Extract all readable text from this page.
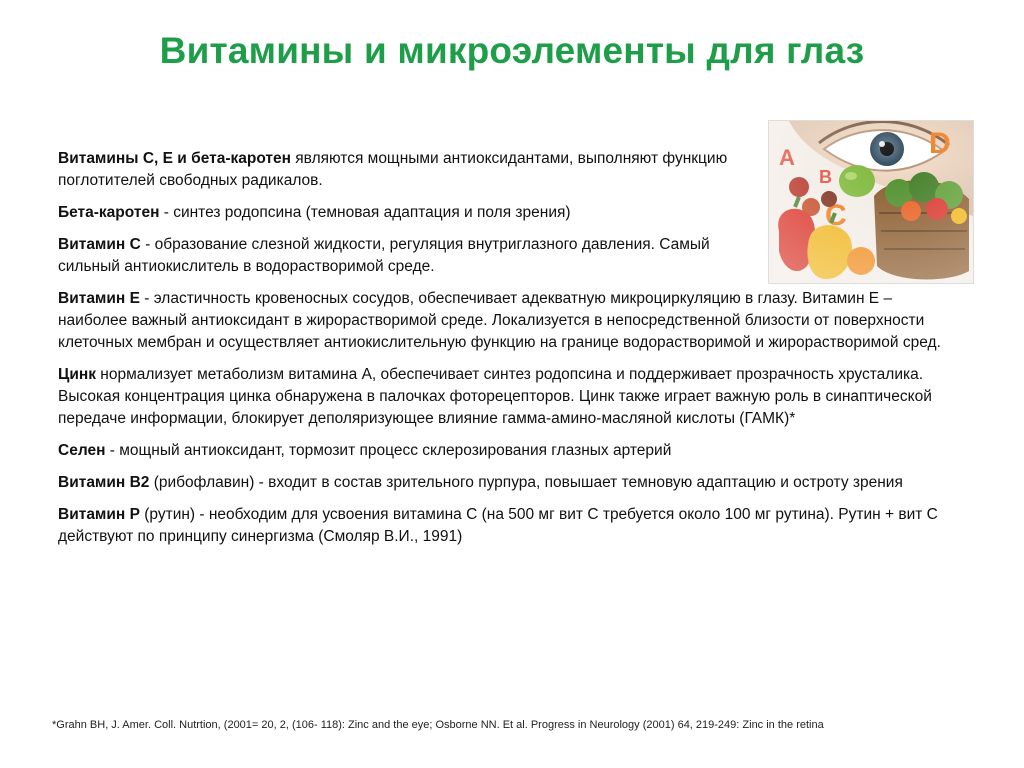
Витамины и микроэлементы для глаз

Витамины С, Е и бета-каротен являются мощными антиоксидантами, выполняют функцию поглотителей свободных радикалов.

Бета-каротен - синтез родопсина (темновая адаптация и поля зрения)

Витамин С - образование слезной жидкости, регуляция внутриглазного давления. Самый сильный антиокислитель в водорастворимой среде.

Витамин Е - эластичность кровеносных сосудов, обеспечивает адекватную микроциркуляцию в глазу. Витамин Е – наиболее важный антиоксидант в жирорастворимой среде. Локализуется в непосредственной близости от поверхности клеточных мембран и осуществляет антиокислительную функцию на границе водорастворимой и жирорастворимой сред.

Цинк нормализует метаболизм витамина А, обеспечивает синтез родопсина и поддерживает прозрачность хрусталика. Высокая концентрация цинка обнаружена в палочках фоторецепторов. Цинк также играет важную роль в синаптической передаче информации, блокирует деполяризующее влияние гамма-амино-масляной кислоты (ГАМК)*

Селен - мощный антиоксидант, тормозит процесс склерозирования глазных артерий

Витамин В2 (рибофлавин) - входит в состав зрительного пурпура, повышает темновую адаптацию и остроту зрения

Витамин Р (рутин) - необходим для усвоения витамина С (на 500 мг вит С требуется около 100 мг рутина). Рутин + вит С действуют по принципу синергизма (Смоляр В.И., 1991)

*Grahn BH, J. Amer. Coll. Nutrtion, (2001= 20, 2, (106- 118): Zinc and the eye; Osborne NN. Et al. Progress in Neurology (2001) 64, 219-249: Zinc in the retina
